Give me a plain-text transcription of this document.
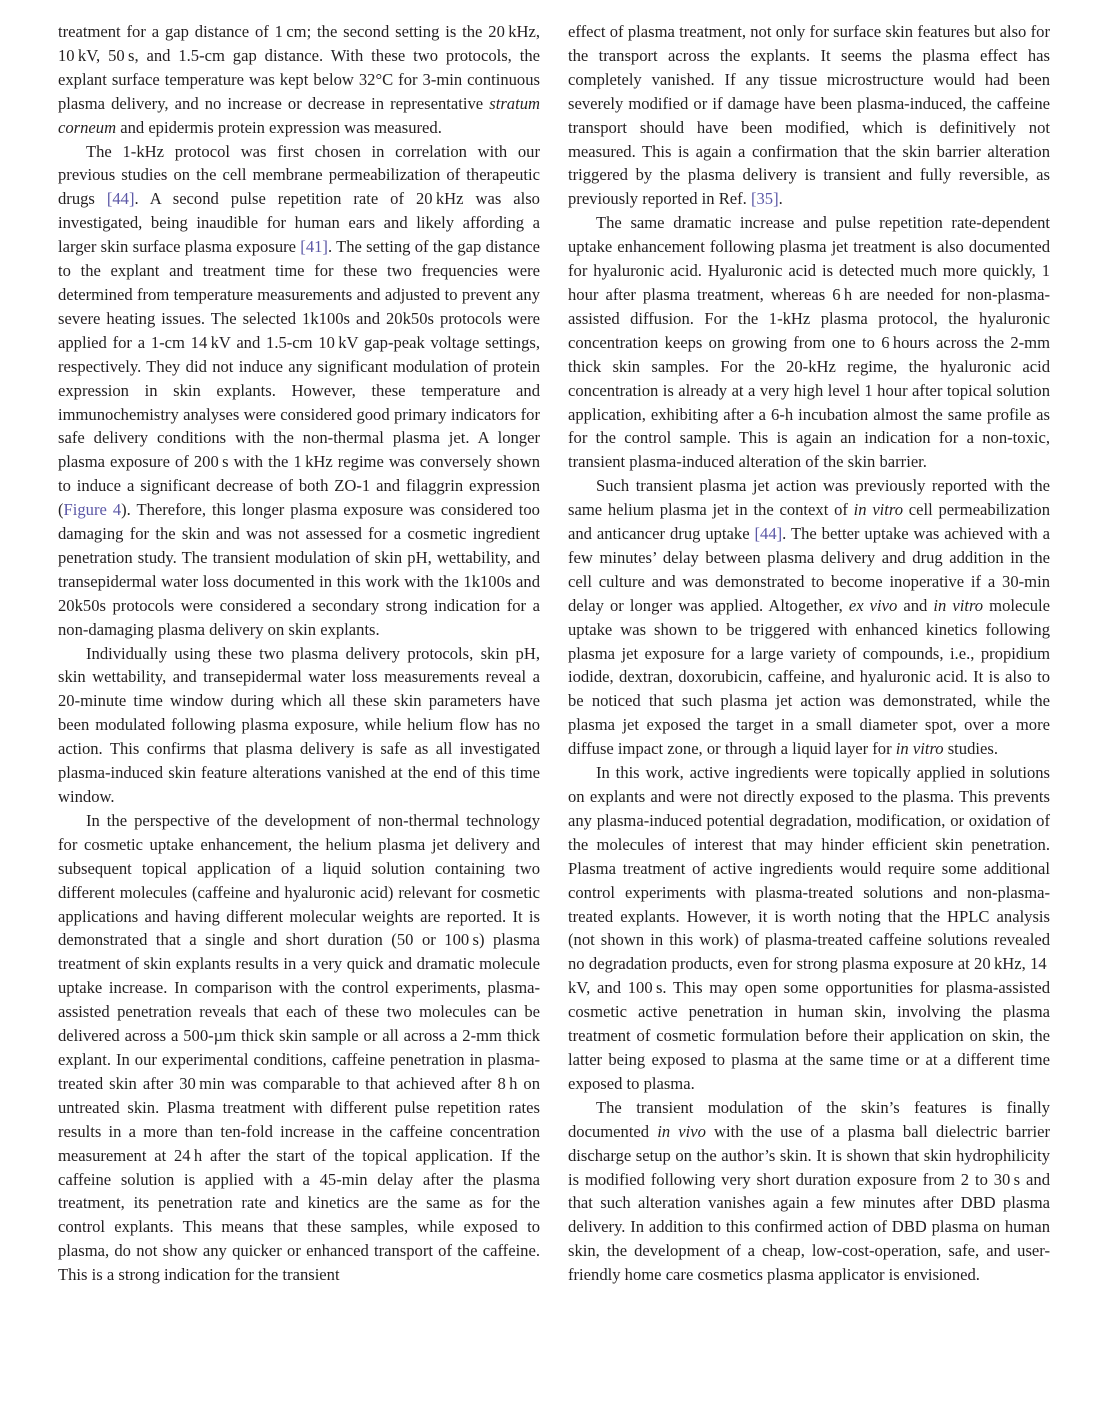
treatment for a gap distance of 1 cm; the second setting is the 20 kHz, 10 kV, 50 s, and 1.5-cm gap distance. With these two protocols, the explant surface temperature was kept below 32°C for 3-min continuous plasma delivery, and no increase or decrease in representative stratum corneum and epidermis protein expression was measured.

The 1-kHz protocol was first chosen in correlation with our previous studies on the cell membrane permeabilization of therapeutic drugs [44]. A second pulse repetition rate of 20 kHz was also investigated, being inaudible for human ears and likely affording a larger skin surface plasma exposure [41]. The setting of the gap distance to the explant and treatment time for these two frequencies were determined from temperature measurements and adjusted to prevent any severe heating issues. The selected 1k100s and 20k50s protocols were applied for a 1-cm 14 kV and 1.5-cm 10 kV gap-peak voltage settings, respectively. They did not induce any significant modulation of protein expression in skin explants. However, these temperature and immunochemistry analyses were considered good primary indicators for safe delivery conditions with the non-thermal plasma jet. A longer plasma exposure of 200 s with the 1 kHz regime was conversely shown to induce a significant decrease of both ZO-1 and filaggrin expression (Figure 4). Therefore, this longer plasma exposure was considered too damaging for the skin and was not assessed for a cosmetic ingredient penetration study. The transient modulation of skin pH, wettability, and transepidermal water loss documented in this work with the 1k100s and 20k50s protocols were considered a secondary strong indication for a non-damaging plasma delivery on skin explants.

Individually using these two plasma delivery protocols, skin pH, skin wettability, and transepidermal water loss measurements reveal a 20-minute time window during which all these skin parameters have been modulated following plasma exposure, while helium flow has no action. This confirms that plasma delivery is safe as all investigated plasma-induced skin feature alterations vanished at the end of this time window.

In the perspective of the development of non-thermal technology for cosmetic uptake enhancement, the helium plasma jet delivery and subsequent topical application of a liquid solution containing two different molecules (caffeine and hyaluronic acid) relevant for cosmetic applications and having different molecular weights are reported. It is demonstrated that a single and short duration (50 or 100 s) plasma treatment of skin explants results in a very quick and dramatic molecule uptake increase. In comparison with the control experiments, plasma-assisted penetration reveals that each of these two molecules can be delivered across a 500-µm thick skin sample or all across a 2-mm thick explant. In our experimental conditions, caffeine penetration in plasma-treated skin after 30 min was comparable to that achieved after 8 h on untreated skin. Plasma treatment with different pulse repetition rates results in a more than ten-fold increase in the caffeine concentration measurement at 24 h after the start of the topical application. If the caffeine solution is applied with a 45-min delay after the plasma treatment, its penetration rate and kinetics are the same as for the control explants. This means that these samples, while exposed to plasma, do not show any quicker or enhanced transport of the caffeine. This is a strong indication for the transient

effect of plasma treatment, not only for surface skin features but also for the transport across the explants. It seems the plasma effect has completely vanished. If any tissue microstructure would had been severely modified or if damage have been plasma-induced, the caffeine transport should have been modified, which is definitively not measured. This is again a confirmation that the skin barrier alteration triggered by the plasma delivery is transient and fully reversible, as previously reported in Ref. [35].

The same dramatic increase and pulse repetition rate-dependent uptake enhancement following plasma jet treatment is also documented for hyaluronic acid. Hyaluronic acid is detected much more quickly, 1 hour after plasma treatment, whereas 6 h are needed for non-plasma-assisted diffusion. For the 1-kHz plasma protocol, the hyaluronic concentration keeps on growing from one to 6 hours across the 2-mm thick skin samples. For the 20-kHz regime, the hyaluronic acid concentration is already at a very high level 1 hour after topical solution application, exhibiting after a 6-h incubation almost the same profile as for the control sample. This is again an indication for a non-toxic, transient plasma-induced alteration of the skin barrier.

Such transient plasma jet action was previously reported with the same helium plasma jet in the context of in vitro cell permeabilization and anticancer drug uptake [44]. The better uptake was achieved with a few minutes’ delay between plasma delivery and drug addition in the cell culture and was demonstrated to become inoperative if a 30-min delay or longer was applied. Altogether, ex vivo and in vitro molecule uptake was shown to be triggered with enhanced kinetics following plasma jet exposure for a large variety of compounds, i.e., propidium iodide, dextran, doxorubicin, caffeine, and hyaluronic acid. It is also to be noticed that such plasma jet action was demonstrated, while the plasma jet exposed the target in a small diameter spot, over a more diffuse impact zone, or through a liquid layer for in vitro studies.

In this work, active ingredients were topically applied in solutions on explants and were not directly exposed to the plasma. This prevents any plasma-induced potential degradation, modification, or oxidation of the molecules of interest that may hinder efficient skin penetration. Plasma treatment of active ingredients would require some additional control experiments with plasma-treated solutions and non-plasma-treated explants. However, it is worth noting that the HPLC analysis (not shown in this work) of plasma-treated caffeine solutions revealed no degradation products, even for strong plasma exposure at 20 kHz, 14 kV, and 100 s. This may open some opportunities for plasma-assisted cosmetic active penetration in human skin, involving the plasma treatment of cosmetic formulation before their application on skin, the latter being exposed to plasma at the same time or at a different time exposed to plasma.

The transient modulation of the skin’s features is finally documented in vivo with the use of a plasma ball dielectric barrier discharge setup on the author’s skin. It is shown that skin hydrophilicity is modified following very short duration exposure from 2 to 30 s and that such alteration vanishes again a few minutes after DBD plasma delivery. In addition to this confirmed action of DBD plasma on human skin, the development of a cheap, low-cost-operation, safe, and user-friendly home care cosmetics plasma applicator is envisioned.
